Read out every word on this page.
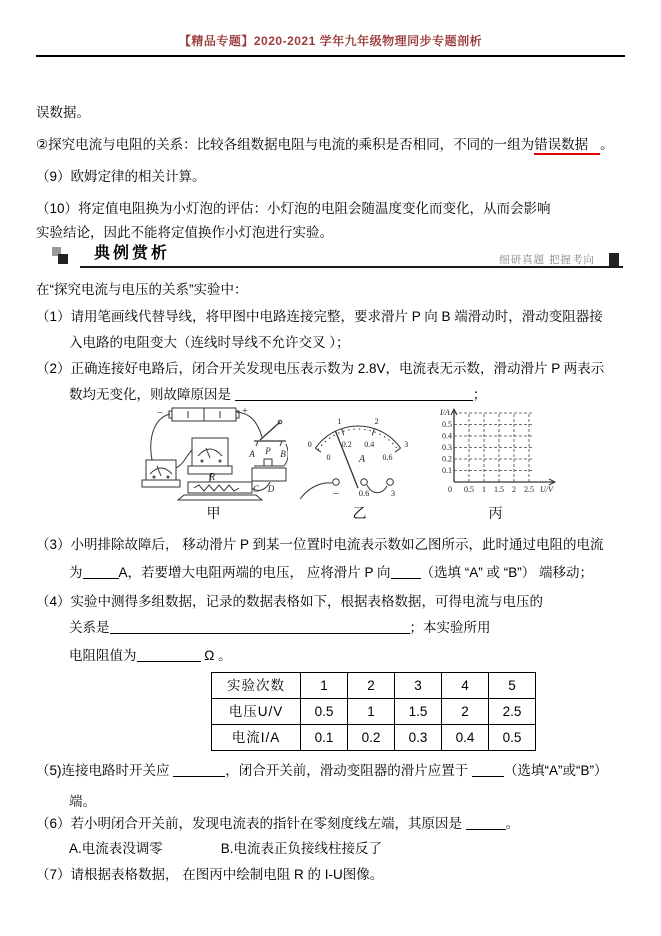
【精品专题】2020-2021 学年九年级物理同步专题剖析
误数据。
②探究电流与电阻的关系：比较各组数据电阻与电流的乘积是否相同，不同的一组为错误数据 。
（9）欧姆定律的相关计算。
（10）将定值电阻换为小灯泡的评估：小灯泡的电阻会随温度变化而变化，从而会影响
实验结论，因此不能将定值换作小灯泡进行实验。
典例赏析	细研真题 把握考向
在“探究电流与电压的关系”实验中：
（1）请用笔画线代替导线，将甲图中电路连接完整，要求滑片 P 向 B 端滑动时，滑动变阻器接
入电路的电阻变大（连线时导线不允许交叉 ）；
（2）正确连接好电路后，闭合开关发现电压表示数为 2.8V，电流表无示数，滑动滑片 P 两表示
数均无变化，则故障原因是	；
−	+
R
A P B
C D
甲
0
1	2
3
0
0.2 0.4
0.6
A
− 0.6	3
乙
I/A
0.5
0.4
0.3
0.2
0.1
0 0.5 1 1.5 2 2.5 U/V
丙
（3）小明排除故障后， 移动滑片 P 到某一位置时电流表示数如乙图所示，此时通过电阻的电流
为	A，若要增大电阻两端的电压， 应将滑片 P 向 （选填 “A” 或 “B”） 端移动；
（4）实验中测得多组数据，记录的数据表格如下，根据表格数据，可得电流与电压的
关系是	；本实验所用
电阻阻值为	Ω 。
实验次数	1	2	3	4	5
电压U/V	0.5	1	1.5	2	2.5
电流I/A	0.1	0.2	0.3	0.4	0.5
（5)连接电路时开关应	，闭合开关前，滑动变阻器的滑片应置于 （选填“A”或“B”）
端。
（6）若小明闭合开关前，发现电流表的指针在零刻度线左端，其原因是	。
A.电流表没调零	B.电流表正负接线柱接反了
（7）请根据表格数据， 在图丙中绘制电阻 R 的 I-U图像。
